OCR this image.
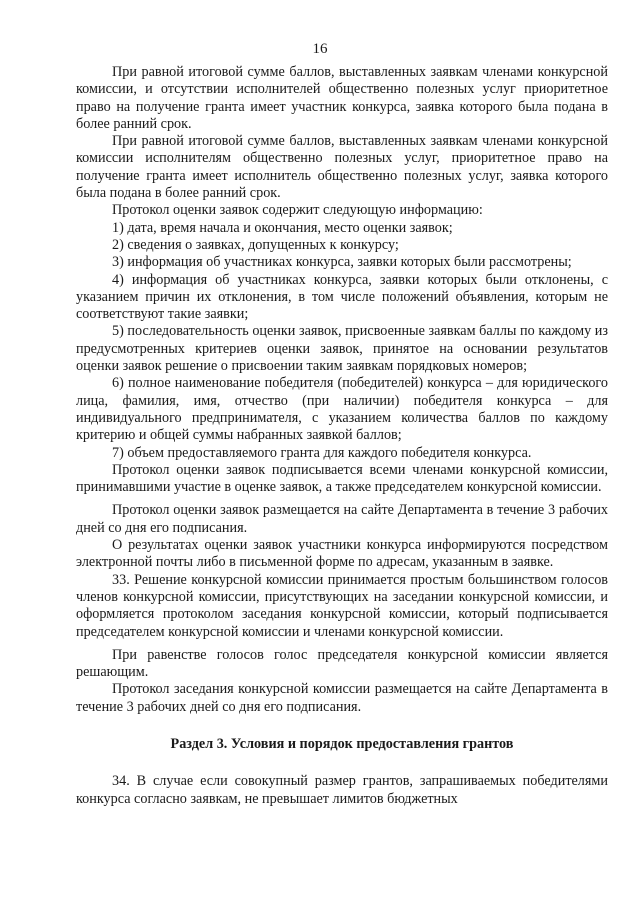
16

При равной итоговой сумме баллов, выставленных заявкам членами конкурсной комиссии, и отсутствии исполнителей общественно полезных услуг приоритетное право на получение гранта имеет участник конкурса, заявка которого была подана в более ранний срок.

При равной итоговой сумме баллов, выставленных заявкам членами конкурсной комиссии исполнителям общественно полезных услуг, приоритетное право на получение гранта имеет исполнитель общественно полезных услуг, заявка которого была подана в более ранний срок.

Протокол оценки заявок содержит следующую информацию:

1) дата, время начала и окончания, место оценки заявок;

2) сведения о заявках, допущенных к конкурсу;

3) информация об участниках конкурса, заявки которых были рассмотрены;

4) информация об участниках конкурса, заявки которых были отклонены, с указанием причин их отклонения, в том числе положений объявления, которым не соответствуют такие заявки;

5) последовательность оценки заявок, присвоенные заявкам баллы по каждому из предусмотренных критериев оценки заявок, принятое на основании результатов оценки заявок решение о присвоении таким заявкам порядковых номеров;

6) полное наименование победителя (победителей) конкурса – для юридического лица, фамилия, имя, отчество (при наличии) победителя конкурса – для индивидуального предпринимателя, с указанием количества баллов по каждому критерию и общей суммы набранных заявкой баллов;

7) объем предоставляемого гранта для каждого победителя конкурса.

Протокол оценки заявок подписывается всеми членами конкурсной комиссии, принимавшими участие в оценке заявок, а также председателем конкурсной комиссии.

Протокол оценки заявок размещается на сайте Департамента в течение 3 рабочих дней со дня его подписания.

О результатах оценки заявок участники конкурса информируются посредством электронной почты либо в письменной форме по адресам, указанным в заявке.

33. Решение конкурсной комиссии принимается простым большинством голосов членов конкурсной комиссии, присутствующих на заседании конкурсной комиссии, и оформляется протоколом заседания конкурсной комиссии, который подписывается председателем конкурсной комиссии и членами конкурсной комиссии.

При равенстве голосов голос председателя конкурсной комиссии является решающим.

Протокол заседания конкурсной комиссии размещается на сайте Департамента в течение 3 рабочих дней со дня его подписания.

Раздел 3. Условия и порядок предоставления грантов

34. В случае если совокупный размер грантов, запрашиваемых победителями конкурса согласно заявкам, не превышает лимитов бюджетных
